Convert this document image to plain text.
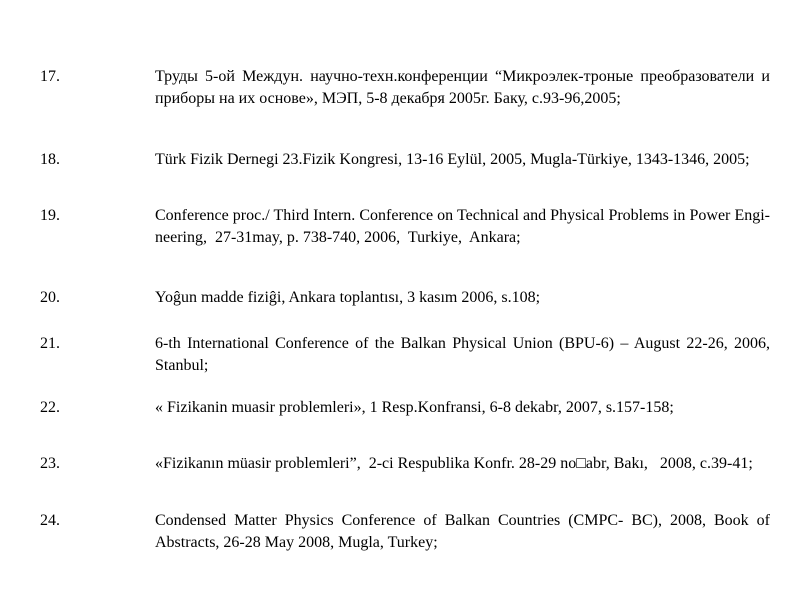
17.	Труды 5-ой Междун. научно-техн.конференции “Микроэлек-троные преобразователи и приборы на их основе», МЭП, 5-8 декабря 2005г. Баку, с.93-96,2005;
18.	Türk Fizik Dernegi 23.Fizik Kongresi, 13-16 Eylül, 2005, Mugla-Türkiye, 1343-1346, 2005;
19.	Conference proc./ Third Intern. Conference on Technical and Physical Problems in Power Engi-neering,  27-31may, p. 738-740, 2006,  Turkiye,  Ankara;
20.	Yoĝun madde fiziĝi, Ankara toplantısı, 3 kasım 2006, s.108;
21.	6-th International Conference of the Balkan Physical Union (BPU-6) – August 22-26, 2006, Stanbul;
22.	« Fizikanin muasir problemleri», 1 Resp.Konfransi, 6-8 dekabr, 2007, s.157-158;
23.	«Fizikanın müasir problemleri”,  2-ci Respublika Konfr. 28-29 no□abr, Bakı,   2008, c.39-41;
24.	Condensed Matter Physics Conference of Balkan Countries (CMPC- BC), 2008, Book of Abstracts, 26-28 May 2008, Mugla, Turkey;
